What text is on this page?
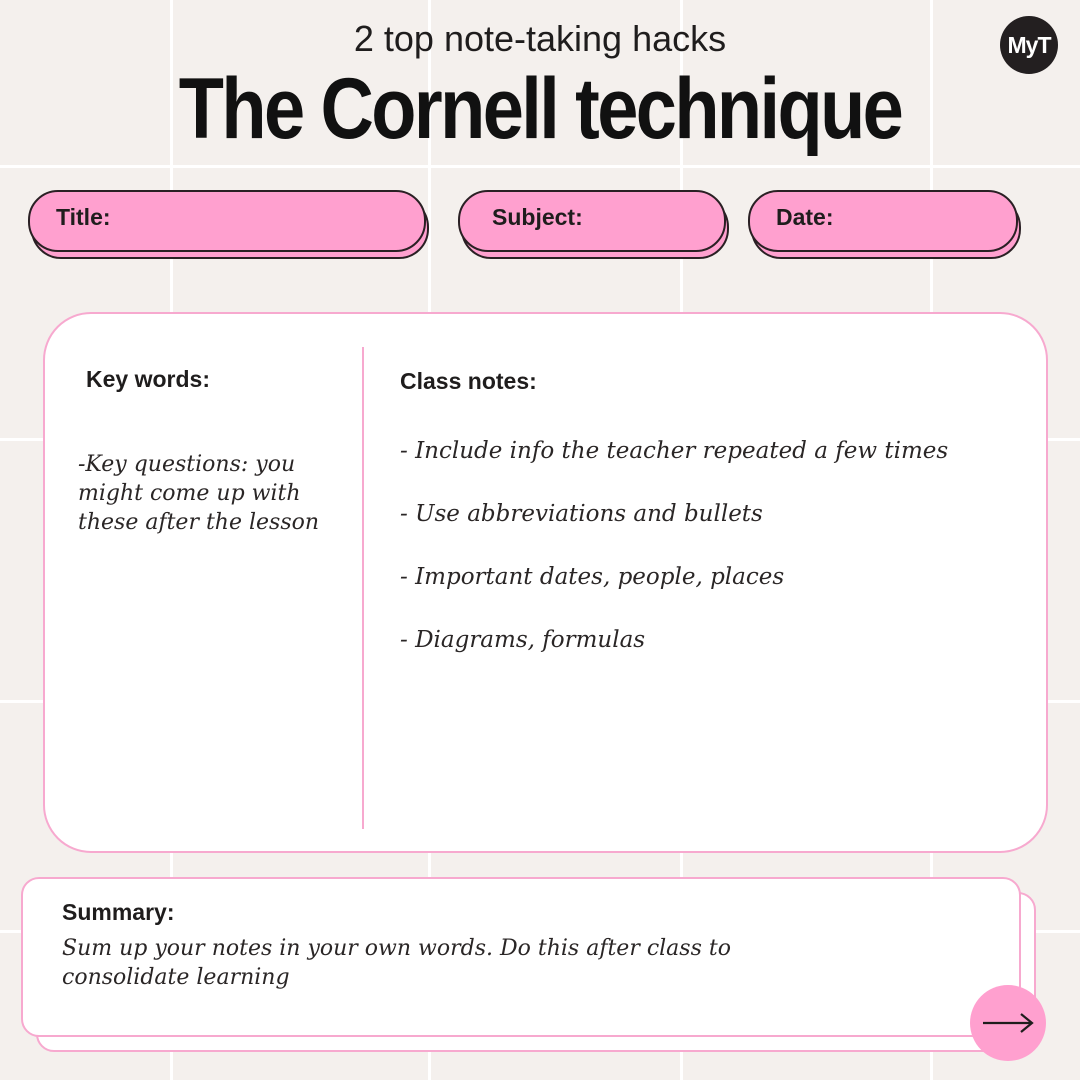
2 top note-taking hacks
The Cornell technique
MyT
Title:	Subject:	Date:
Key words:
-Key questions: you might come up with these after the lesson
Class notes:
- Include info the teacher repeated a few times
- Use abbreviations and bullets
- Important dates, people, places
- Diagrams, formulas
Summary:
Sum up your notes in your own words. Do this after class to consolidate learning
